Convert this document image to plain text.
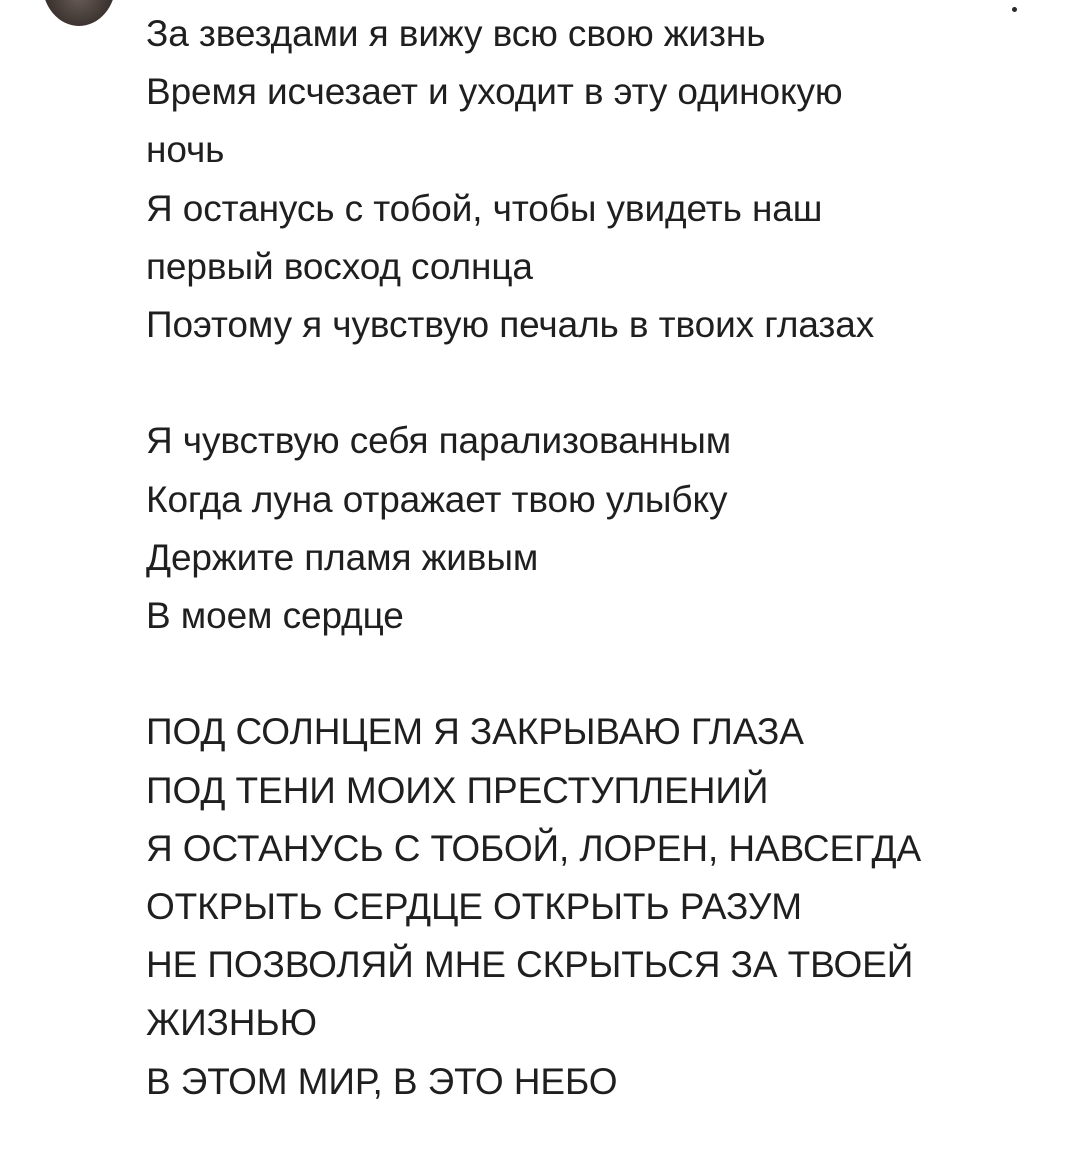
За звездами я вижу всю свою жизнь

Время исчезает и уходит в эту одинокую

ночь

Я останусь с тобой, чтобы увидеть наш

первый восход солнца

Поэтому я чувствую печаль в твоих глазах

Я чувствую себя парализованным

Когда луна отражает твою улыбку

Держите пламя живым

В моем сердце

ПОД СОЛНЦЕМ Я ЗАКРЫВАЮ ГЛАЗА

ПОД ТЕНИ МОИХ ПРЕСТУПЛЕНИЙ

Я ОСТАНУСЬ С ТОБОЙ, ЛОРЕН, НАВСЕГДА

ОТКРЫТЬ СЕРДЦЕ ОТКРЫТЬ РАЗУМ

НЕ ПОЗВОЛЯЙ МНЕ СКРЫТЬСЯ ЗА ТВОЕЙ

ЖИЗНЬЮ

В ЭТОМ МИР, В ЭТО НЕБО
